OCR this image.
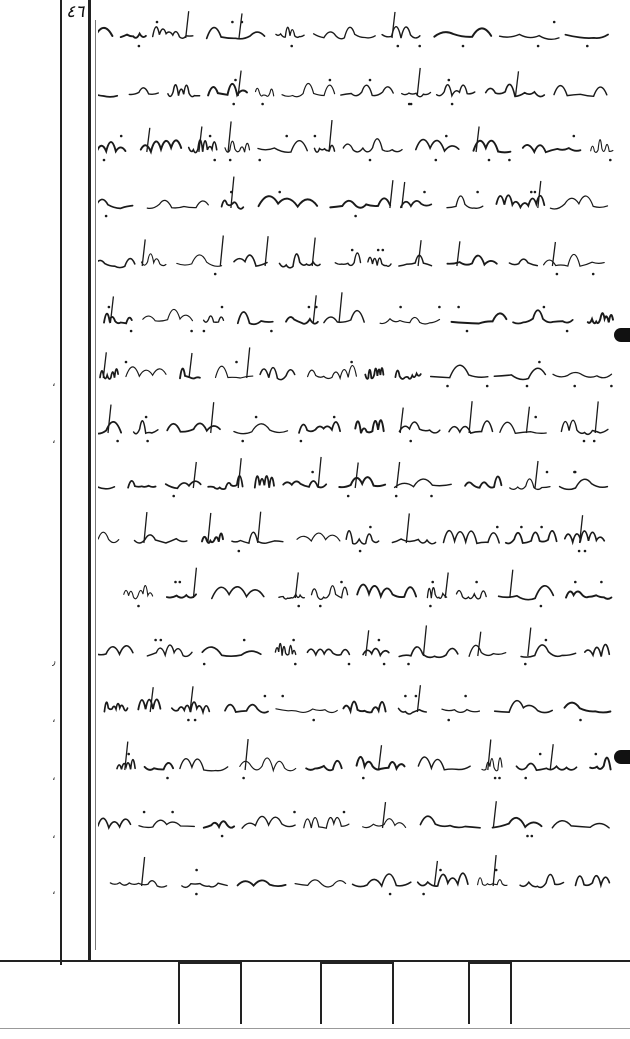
٤٦
،
،
٫
،
،
،
،
